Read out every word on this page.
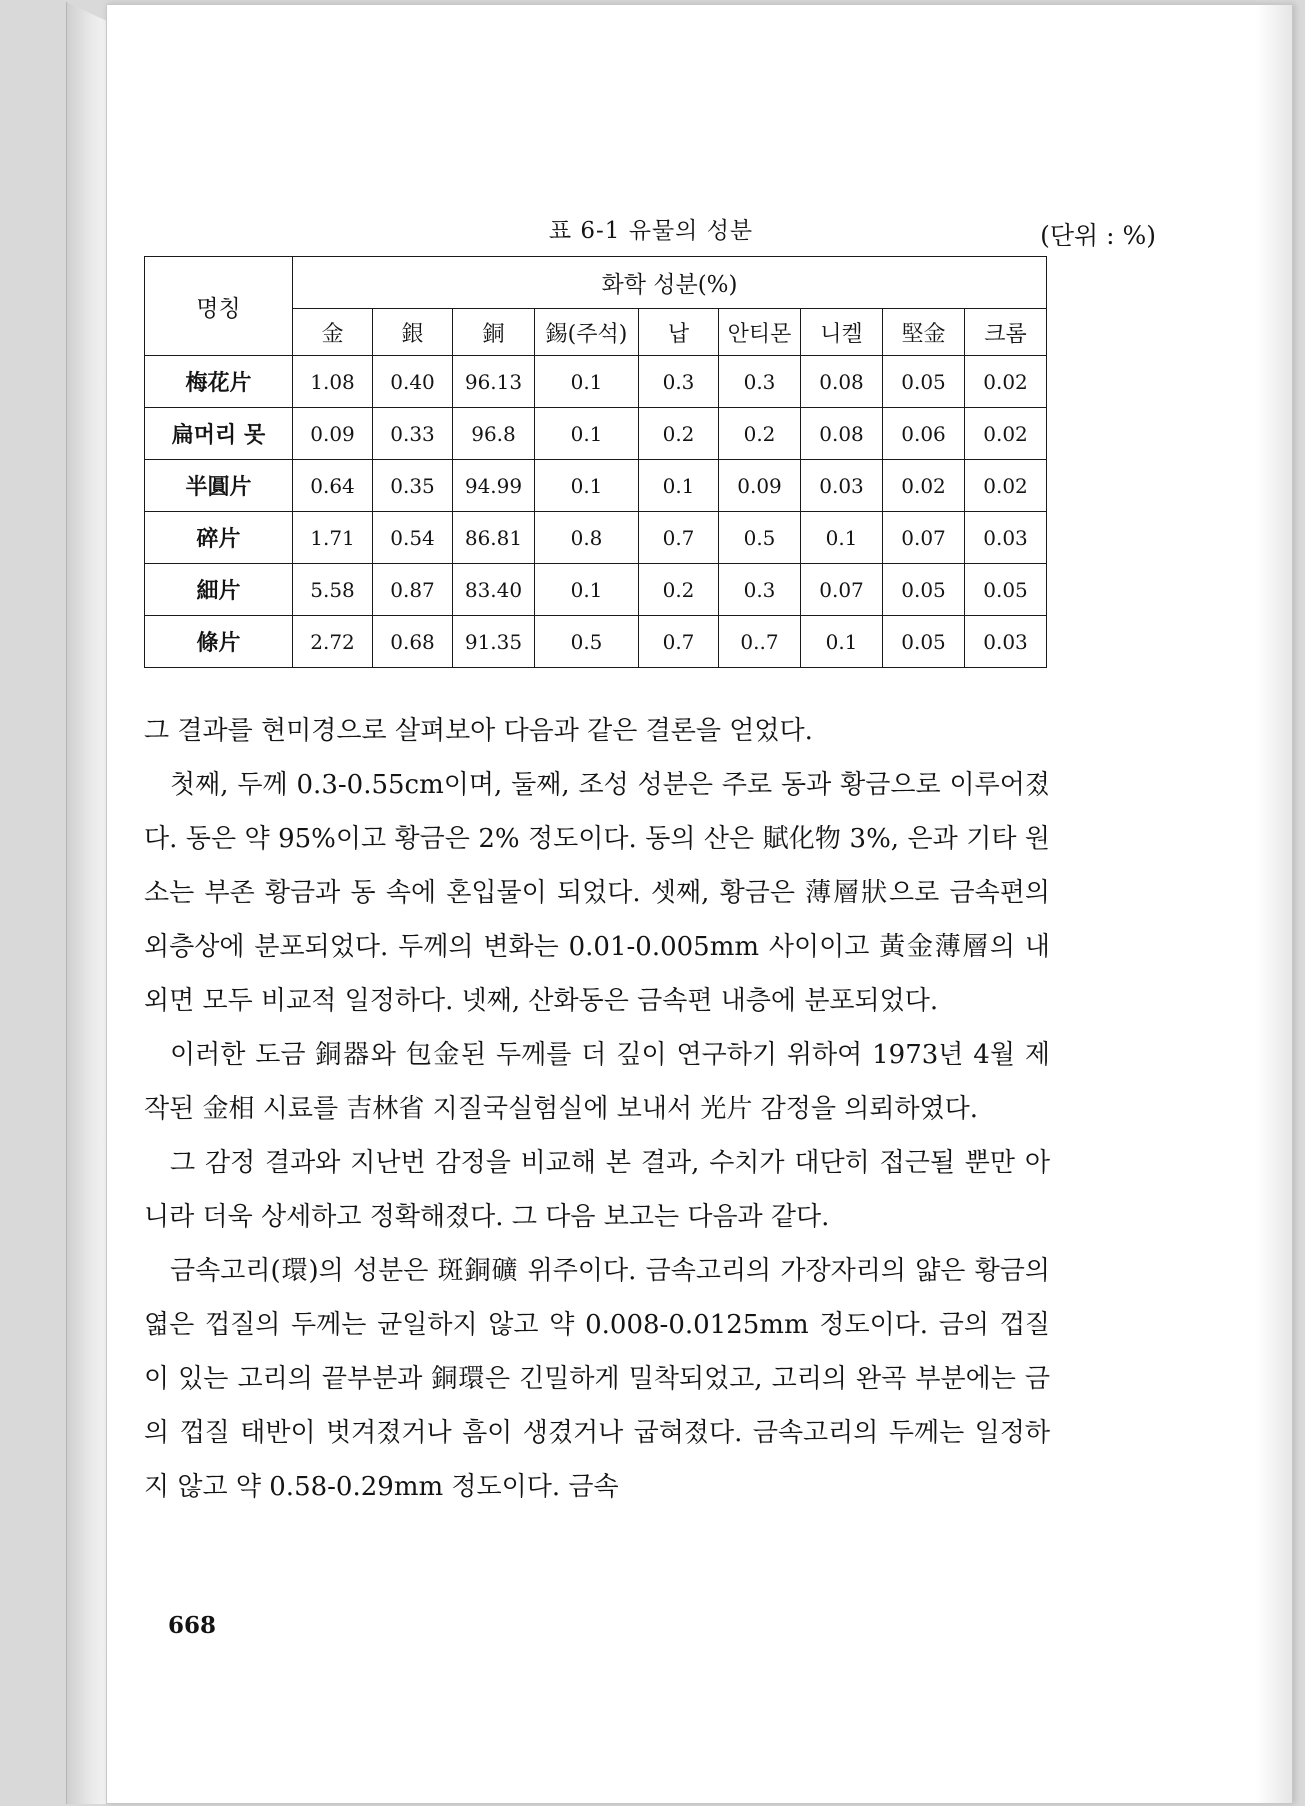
표 6-1 유물의 성분	(단위 : %)
명칭	화학 성분(%)								
	金	銀	銅	錫(주석)	납	안티몬	니켈	堅金	크롬
梅花片	1.08	0.40	96.13	0.1	0.3	0.3	0.08	0.05	0.02
扁머리 못	0.09	0.33	96.8	0.1	0.2	0.2	0.08	0.06	0.02
半圓片	0.64	0.35	94.99	0.1	0.1	0.09	0.03	0.02	0.02
碎片	1.71	0.54	86.81	0.8	0.7	0.5	0.1	0.07	0.03
細片	5.58	0.87	83.40	0.1	0.2	0.3	0.07	0.05	0.05
條片	2.72	0.68	91.35	0.5	0.7	0..7	0.1	0.05	0.03

그 결과를 현미경으로 살펴보아 다음과 같은 결론을 얻었다.

첫째, 두께 0.3-0.55cm이며, 둘째, 조성 성분은 주로 동과 황금으로 이루어졌다. 동은 약 95%이고 황금은 2% 정도이다. 동의 산은 賦化物 3%, 은과 기타 원소는 부존 황금과 동 속에 혼입물이 되었다. 셋째, 황금은 薄層狀으로 금속편의 외층상에 분포되었다. 두께의 변화는 0.01-0.005mm 사이이고 黃金薄層의 내외면 모두 비교적 일정하다. 넷째, 산화동은 금속편 내층에 분포되었다.

이러한 도금 銅器와 包金된 두께를 더 깊이 연구하기 위하여 1973년 4월 제작된 金相 시료를 吉林省 지질국실험실에 보내서 光片 감정을 의뢰하였다.

그 감정 결과와 지난번 감정을 비교해 본 결과, 수치가 대단히 접근될 뿐만 아니라 더욱 상세하고 정확해졌다. 그 다음 보고는 다음과 같다.

금속고리(環)의 성분은 斑銅礦 위주이다. 금속고리의 가장자리의 얇은 황금의 엷은 껍질의 두께는 균일하지 않고 약 0.008-0.0125mm 정도이다. 금의 껍질이 있는 고리의 끝부분과 銅環은 긴밀하게 밀착되었고, 고리의 완곡 부분에는 금의 껍질 태반이 벗겨졌거나 흠이 생겼거나 굽혀졌다. 금속고리의 두께는 일정하지 않고 약 0.58-0.29mm 정도이다. 금속

668
